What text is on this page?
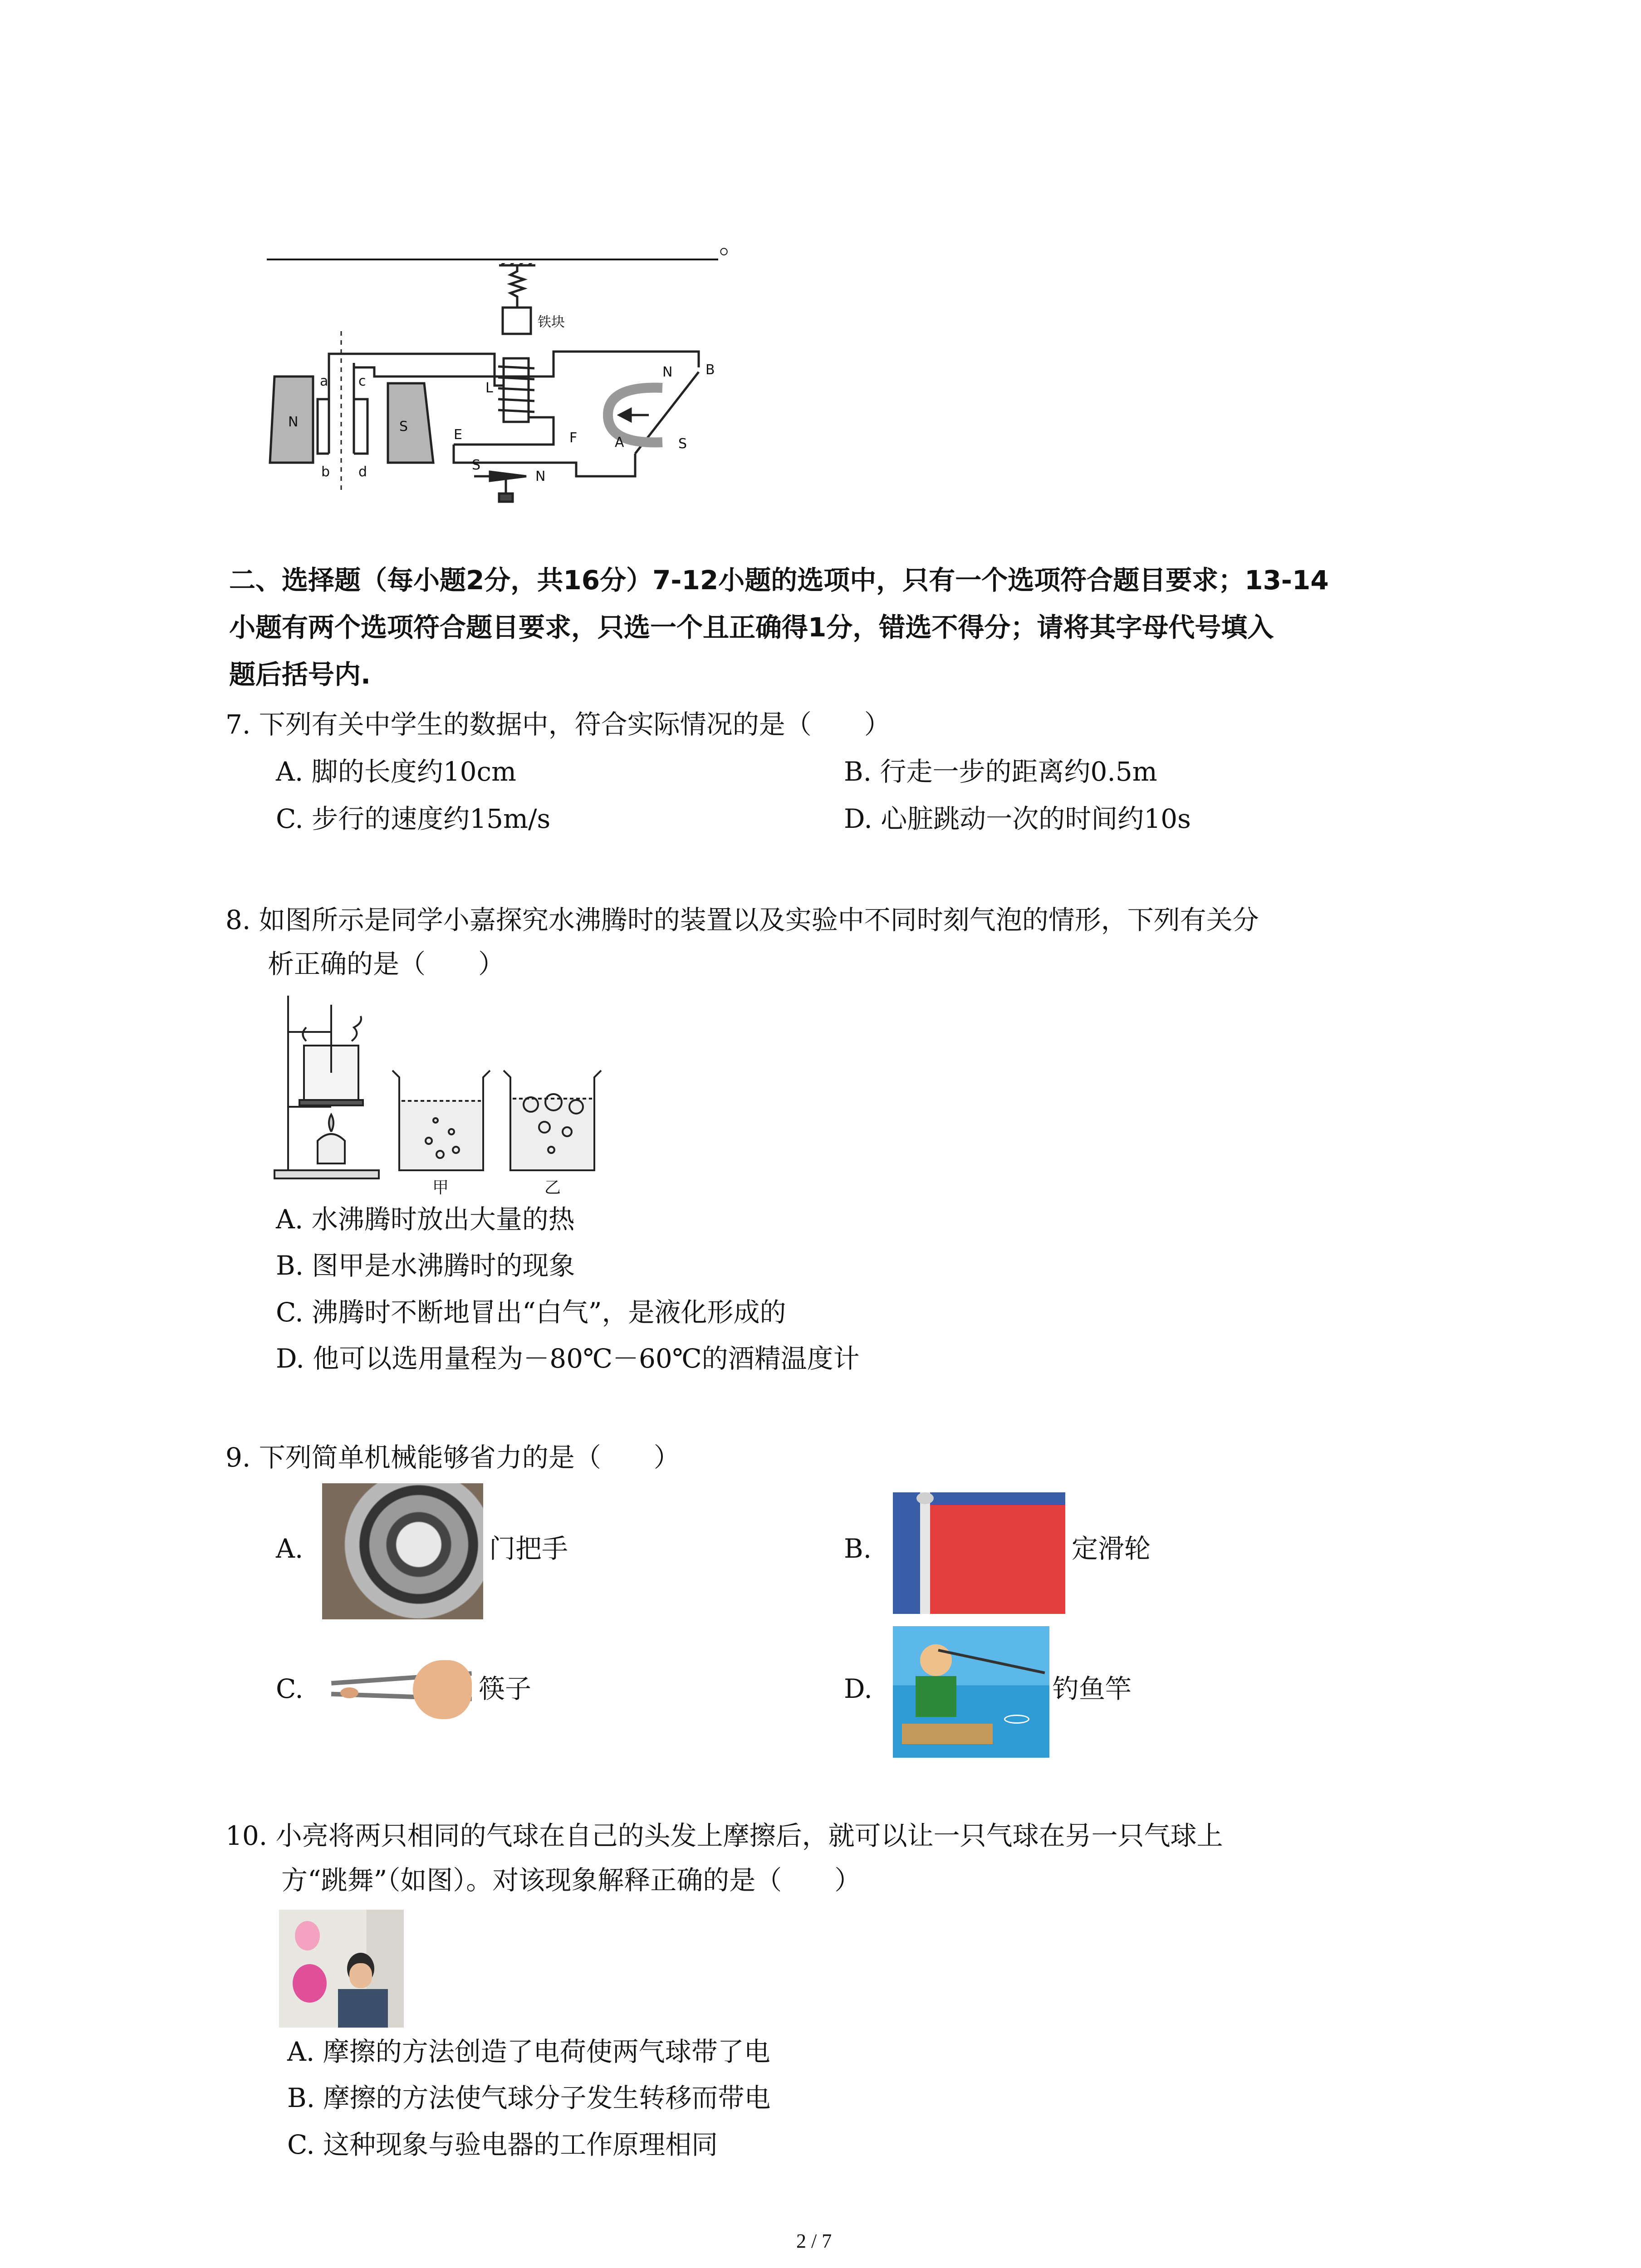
。
铁块
N	S
a
b
c
d
L
E	F	A
B
N
S
S
N
二、选择题（每小题2分，共16分）7-12小题的选项中，只有一个选项符合题目要求；13-14
小题有两个选项符合题目要求，只选一个且正确得1分，错选不得分；请将其字母代号填入
题后括号内.
7. 下列有关中学生的数据中，符合实际情况的是（　　）
A. 脚的长度约10cm	B. 行走一步的距离约0.5m
C. 步行的速度约15m/s	D. 心脏跳动一次的时间约10s
8. 如图所示是同学小嘉探究水沸腾时的装置以及实验中不同时刻气泡的情形，下列有关分
析正确的是（　　）
甲	乙
A. 水沸腾时放出大量的热
B. 图甲是水沸腾时的现象
C. 沸腾时不断地冒出“白气”，是液化形成的
D. 他可以选用量程为－80℃－60℃的酒精温度计
9. 下列简单机械能够省力的是（　　）
A.	门把手	B.	定滑轮
C.	筷子	D.	钓鱼竿
10. 小亮将两只相同的气球在自己的头发上摩擦后，就可以让一只气球在另一只气球上
方“跳舞”（如图）。对该现象解释正确的是（　　）
A. 摩擦的方法创造了电荷使两气球带了电
B. 摩擦的方法使气球分子发生转移而带电
C. 这种现象与验电器的工作原理相同
2 / 7
